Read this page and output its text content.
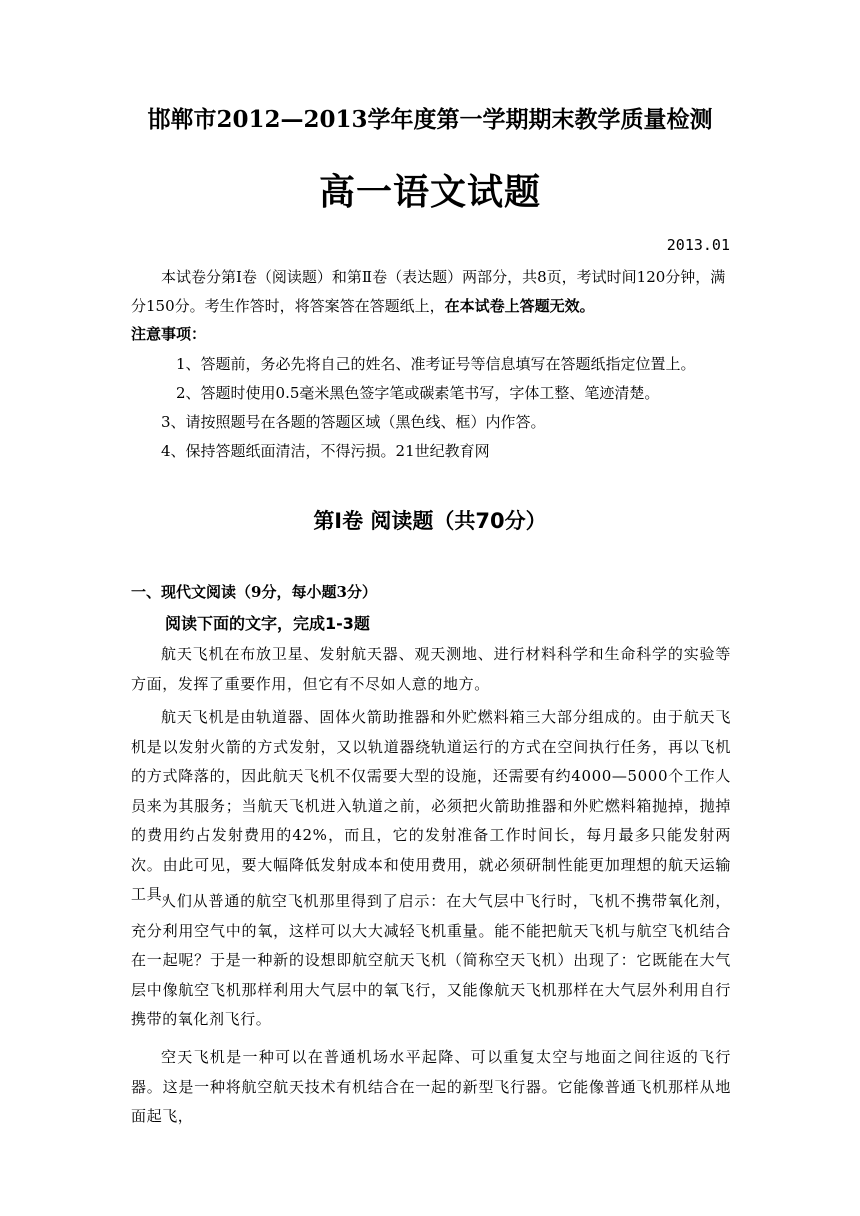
邯郸市2012—2013学年度第一学期期末教学质量检测
高一语文试题
2013.01
本试卷分第Ⅰ卷（阅读题）和第Ⅱ卷（表达题）两部分，共8页，考试时间120分钟，满分150分。考生作答时，将答案答在答题纸上，在本试卷上答题无效。
注意事项：
1、答题前，务必先将自己的姓名、准考证号等信息填写在答题纸指定位置上。
2、答题时使用0.5毫米黑色签字笔或碳素笔书写，字体工整、笔迹清楚。
3、请按照题号在各题的答题区域（黑色线、框）内作答。
4、保持答题纸面清洁，不得污损。21世纪教育网
第Ⅰ卷 阅读题（共70分）
一、现代文阅读（9分，每小题3分）
阅读下面的文字，完成1-3题
航天飞机在布放卫星、发射航天器、观天测地、进行材料科学和生命科学的实验等方面，发挥了重要作用，但它有不尽如人意的地方。
航天飞机是由轨道器、固体火箭助推器和外贮燃料箱三大部分组成的。由于航天飞机是以发射火箭的方式发射，又以轨道器绕轨道运行的方式在空间执行任务，再以飞机的方式降落的，因此航天飞机不仅需要大型的设施，还需要有约4000—5000个工作人员来为其服务；当航天飞机进入轨道之前，必须把火箭助推器和外贮燃料箱抛掉，抛掉的费用约占发射费用的42%，而且，它的发射准备工作时间长，每月最多只能发射两次。由此可见，要大幅降低发射成本和使用费用，就必须研制性能更加理想的航天运输工具。
人们从普通的航空飞机那里得到了启示：在大气层中飞行时，飞机不携带氧化剂，充分利用空气中的氧，这样可以大大减轻飞机重量。能不能把航天飞机与航空飞机结合在一起呢？于是一种新的设想即航空航天飞机（简称空天飞机）出现了：它既能在大气层中像航空飞机那样利用大气层中的氧飞行，又能像航天飞机那样在大气层外利用自行携带的氧化剂飞行。
空天飞机是一种可以在普通机场水平起降、可以重复太空与地面之间往返的飞行器。这是一种将航空航天技术有机结合在一起的新型飞行器。它能像普通飞机那样从地面起飞，
